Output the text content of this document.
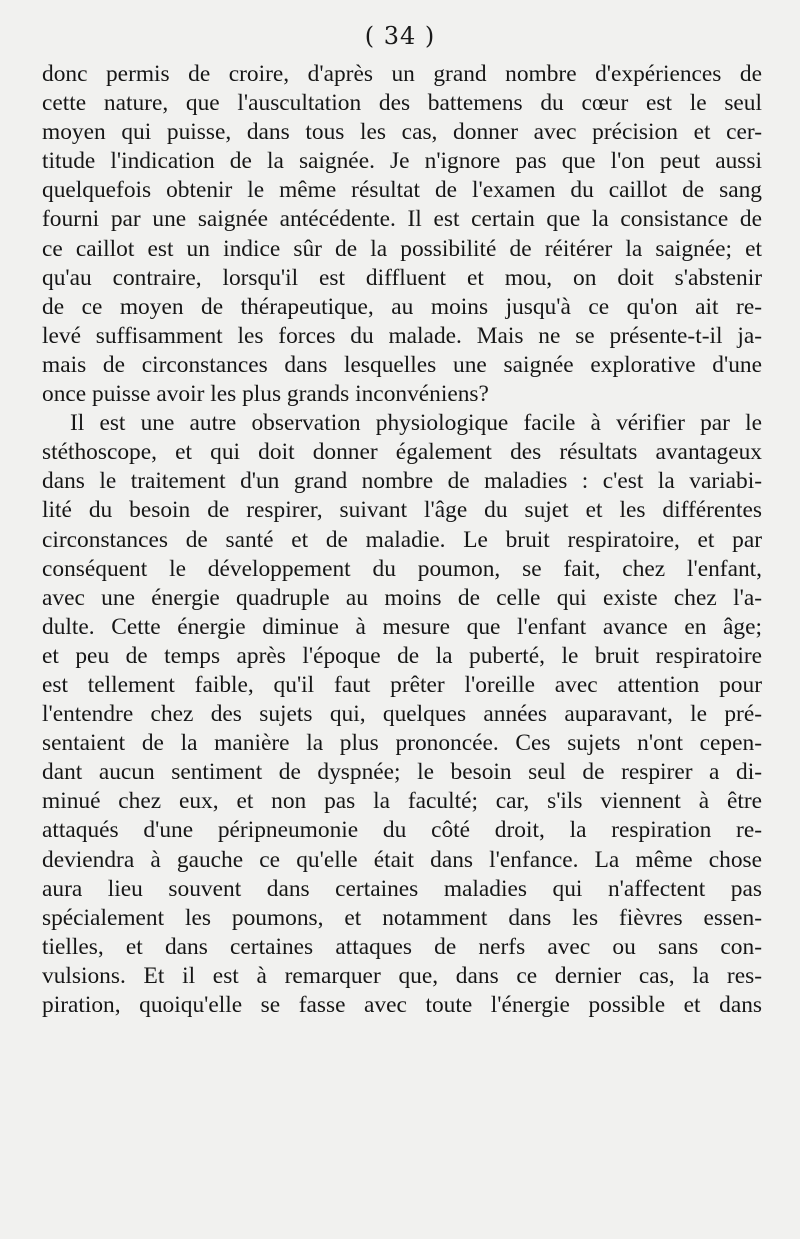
( 34 )
donc permis de croire, d'après un grand nombre d'expériences de
cette nature, que l'auscultation des battemens du cœur est le seul
moyen qui puisse, dans tous les cas, donner avec précision et cer-
titude l'indication de la saignée. Je n'ignore pas que l'on peut aussi
quelquefois obtenir le même résultat de l'examen du caillot de sang
fourni par une saignée antécédente. Il est certain que la consistance de
ce caillot est un indice sûr de la possibilité de réitérer la saignée; et
qu'au contraire, lorsqu'il est diffluent et mou, on doit s'abstenir
de ce moyen de thérapeutique, au moins jusqu'à ce qu'on ait re-
levé suffisamment les forces du malade. Mais ne se présente-t-il ja-
mais de circonstances dans lesquelles une saignée explorative d'une
once puisse avoir les plus grands inconvéniens?
Il est une autre observation physiologique facile à vérifier par le
stéthoscope, et qui doit donner également des résultats avantageux
dans le traitement d'un grand nombre de maladies : c'est la variabi-
lité du besoin de respirer, suivant l'âge du sujet et les différentes
circonstances de santé et de maladie. Le bruit respiratoire, et par
conséquent le développement du poumon, se fait, chez l'enfant,
avec une énergie quadruple au moins de celle qui existe chez l'a-
dulte. Cette énergie diminue à mesure que l'enfant avance en âge;
et peu de temps après l'époque de la puberté, le bruit respiratoire
est tellement faible, qu'il faut prêter l'oreille avec attention pour
l'entendre chez des sujets qui, quelques années auparavant, le pré-
sentaient de la manière la plus prononcée. Ces sujets n'ont cepen-
dant aucun sentiment de dyspnée; le besoin seul de respirer a di-
minué chez eux, et non pas la faculté; car, s'ils viennent à être
attaqués d'une péripneumonie du côté droit, la respiration re-
deviendra à gauche ce qu'elle était dans l'enfance. La même chose
aura lieu souvent dans certaines maladies qui n'affectent pas
spécialement les poumons, et notamment dans les fièvres essen-
tielles, et dans certaines attaques de nerfs avec ou sans con-
vulsions. Et il est à remarquer que, dans ce dernier cas, la res-
piration, quoiqu'elle se fasse avec toute l'énergie possible et dans
